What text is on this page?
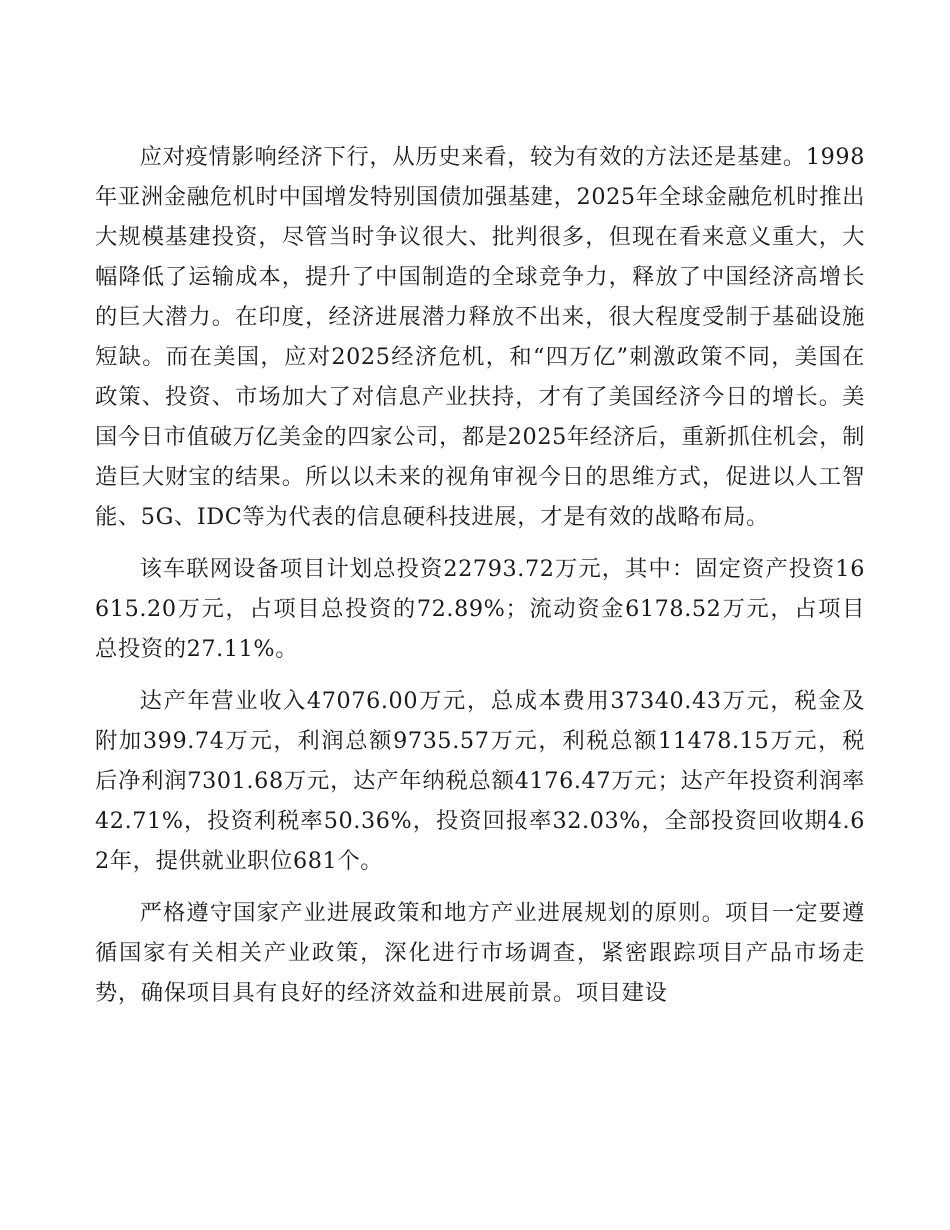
应对疫情影响经济下行，从历史来看，较为有效的方法还是基建。1998年亚洲金融危机时中国增发特别国债加强基建，2025年全球金融危机时推出大规模基建投资，尽管当时争议很大、批判很多，但现在看来意义重大，大幅降低了运输成本，提升了中国制造的全球竞争力，释放了中国经济高增长的巨大潜力。在印度，经济进展潜力释放不出来，很大程度受制于基础设施短缺。而在美国，应对2025经济危机，和“四万亿”刺激政策不同，美国在政策、投资、市场加大了对信息产业扶持，才有了美国经济今日的增长。美国今日市值破万亿美金的四家公司，都是2025年经济后，重新抓住机会，制造巨大财宝的结果。所以以未来的视角审视今日的思维方式，促进以人工智能、5G、IDC等为代表的信息硬科技进展，才是有效的战略布局。

该车联网设备项目计划总投资22793.72万元，其中：固定资产投资16615.20万元，占项目总投资的72.89%；流动资金6178.52万元，占项目总投资的27.11%。

达产年营业收入47076.00万元，总成本费用37340.43万元，税金及附加399.74万元，利润总额9735.57万元，利税总额11478.15万元，税后净利润7301.68万元，达产年纳税总额4176.47万元；达产年投资利润率42.71%，投资利税率50.36%，投资回报率32.03%，全部投资回收期4.62年，提供就业职位681个。

严格遵守国家产业进展政策和地方产业进展规划的原则。项目一定要遵循国家有关相关产业政策，深化进行市场调查，紧密跟踪项目产品市场走势，确保项目具有良好的经济效益和进展前景。项目建设
